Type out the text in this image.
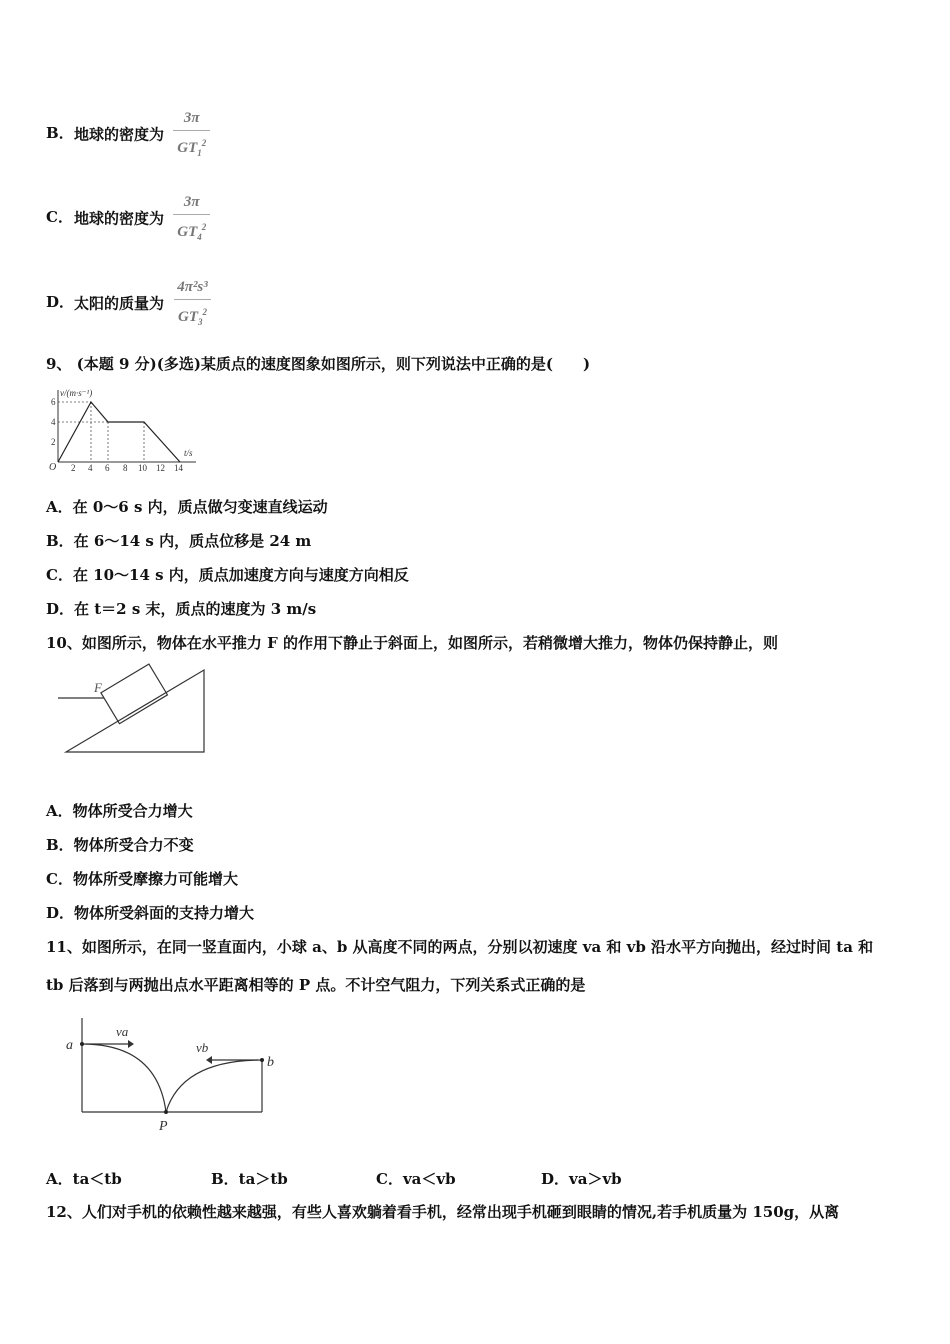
地球的密度为 $\frac{3\pi}{GT_1^2}$
B．
地球的密度为 $\frac{3\pi}{GT_4^2}$
C．
太阳的质量为 $\frac{\text{4π²s³}}{GT_3^2}$
D．
9、 (本题 9 分)(多选)某质点的速度图象如图所示，则下列说法中正确的是(　　)
v/(m·s⁻¹)
t/s
O
2
4
6
2 4 6 8 10 12 14
A．在 0～6 s 内，质点做匀变速直线运动
B．在 6～14 s 内，质点位移是 24 m
C．在 10～14 s 内，质点加速度方向与速度方向相反
D．在 t＝2 s 末，质点的速度为 3 m/s
10、如图所示，物体在水平推力 F 的作用下静止于斜面上，如图所示，若稍微增大推力，物体仍保持静止，则
F
A．物体所受合力增大
B．物体所受合力不变
C．物体所受摩擦力可能增大
D．物体所受斜面的支持力增大
11、如图所示，在同一竖直面内，小球 a、b 从高度不同的两点，分别以初速度 va 和 vb 沿水平方向抛出，经过时间 ta 和
tb 后落到与两抛出点水平距离相等的 P 点。不计空气阻力，下列关系式正确的是
a
b
va
vb
P
A．ta＜tb	B．ta＞tb	C．va＜vb	D．va＞vb
12、人们对手机的依赖性越来越强，有些人喜欢躺着看手机，经常出现手机砸到眼睛的情况,若手机质量为 150g，从离
